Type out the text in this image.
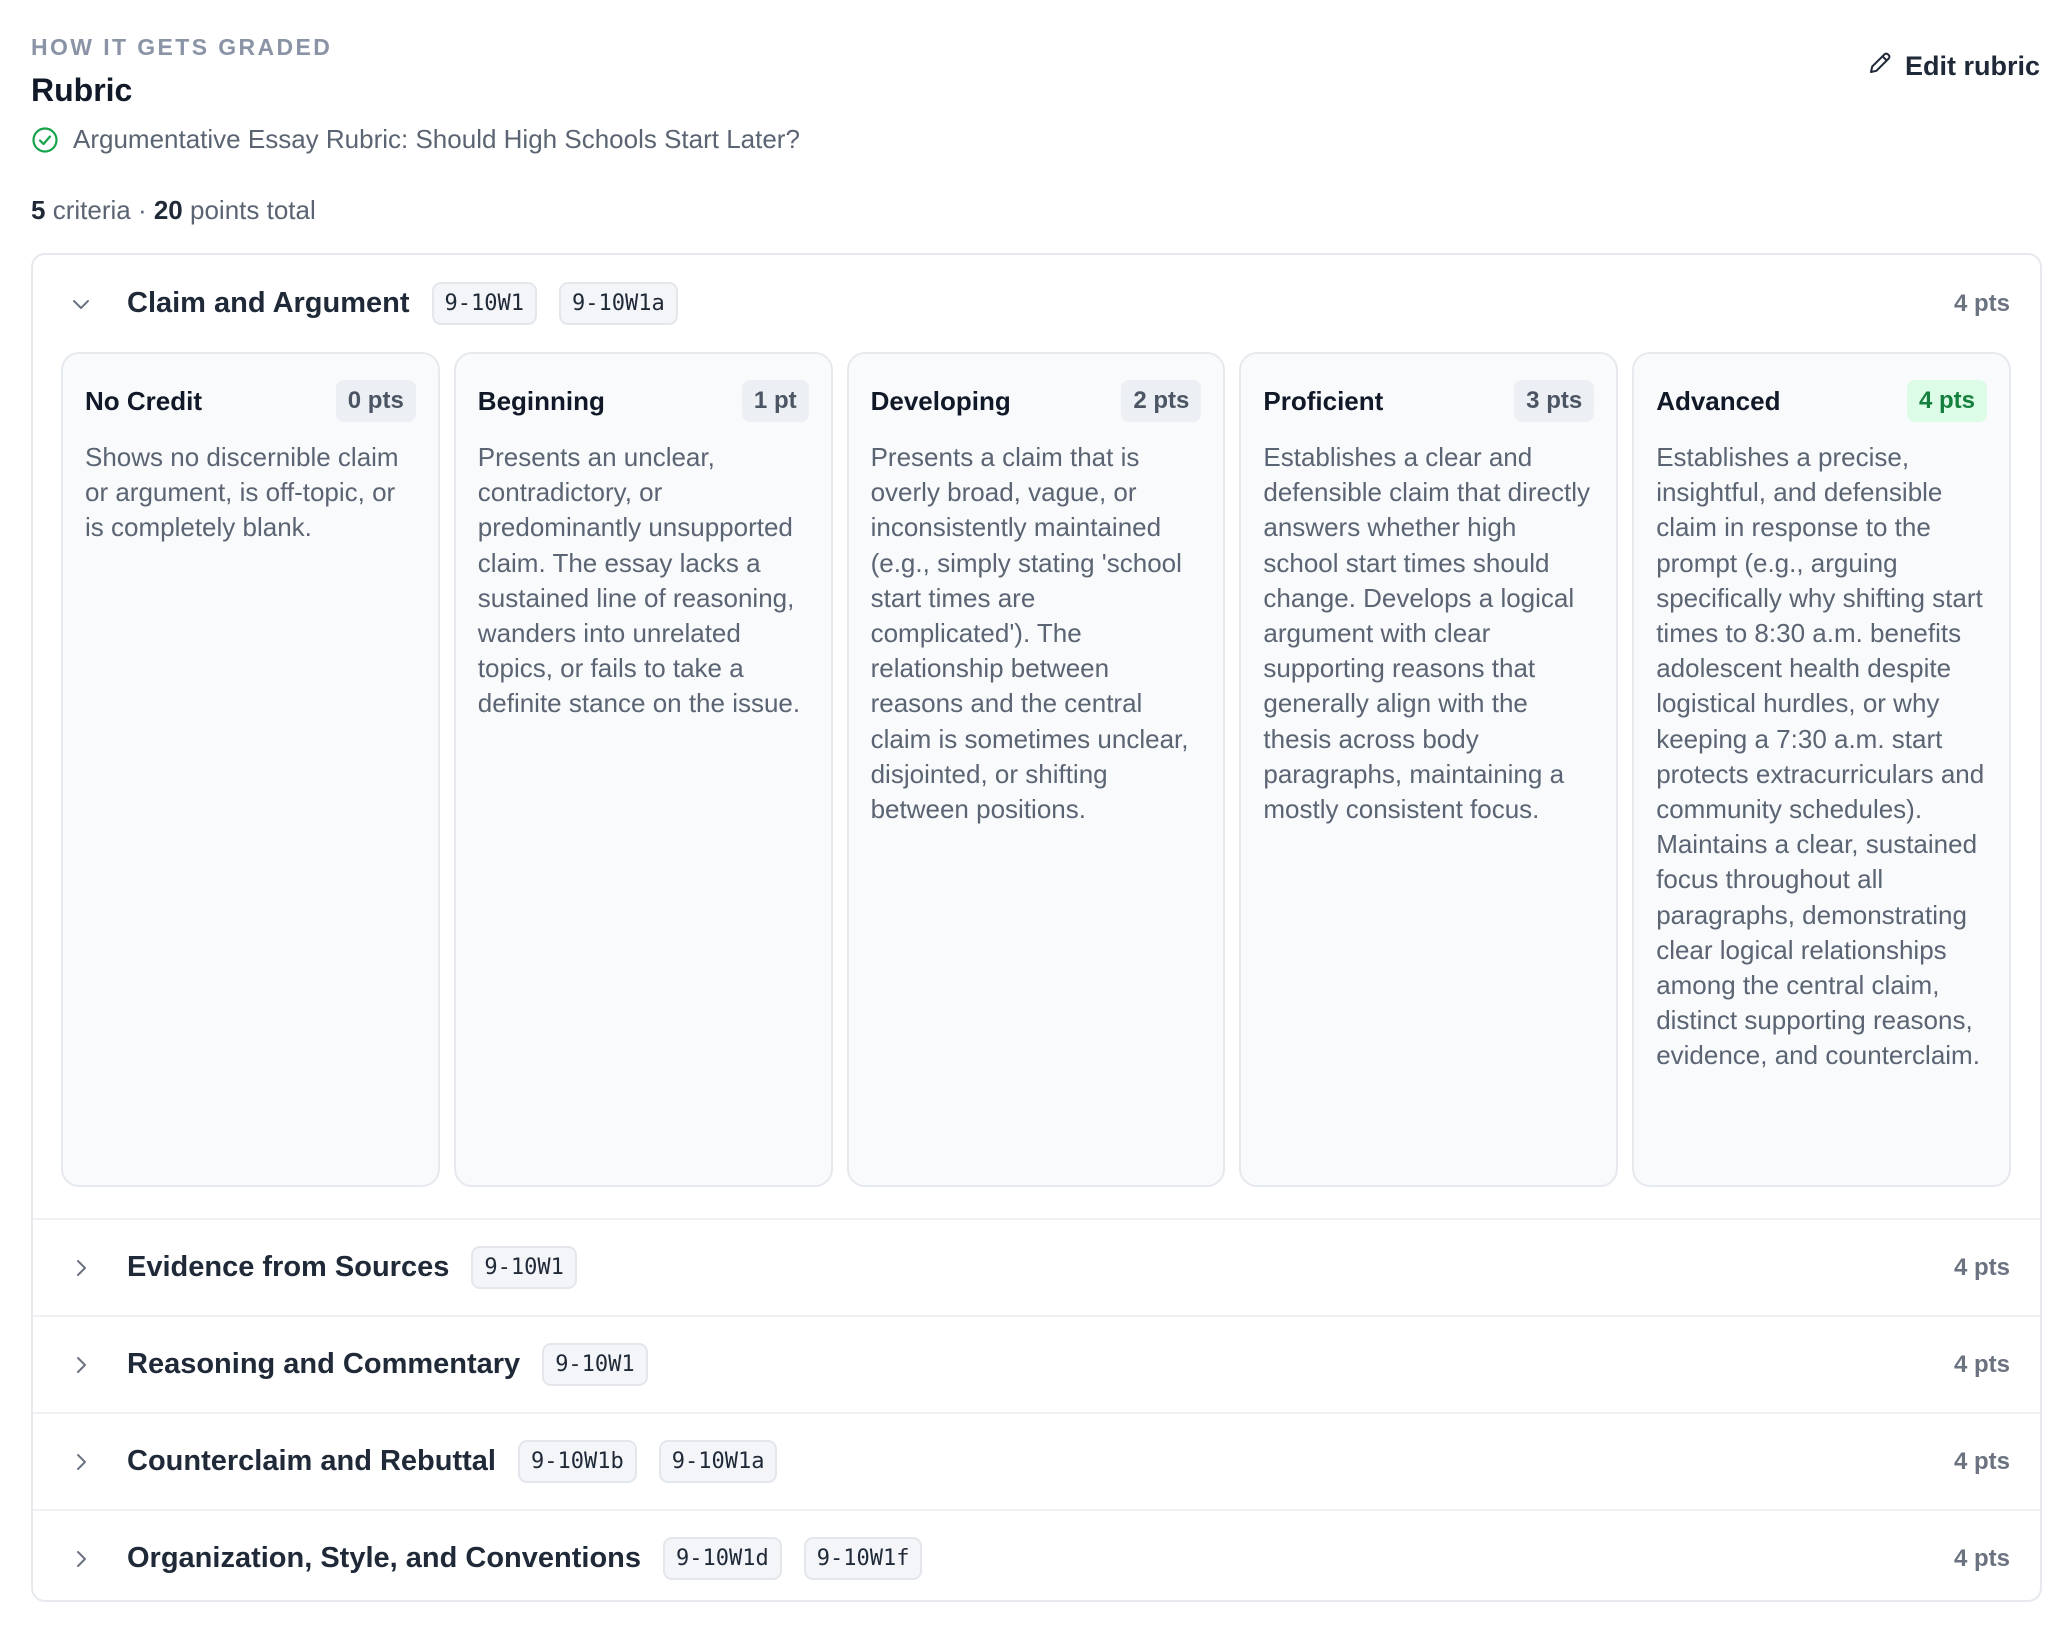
HOW IT GETS GRADED
Rubric
Argumentative Essay Rubric: Should High Schools Start Later?
5 criteria · 20 points total
Edit rubric
Claim and Argument	9-10W1	9-10W1a	4 pts
No Credit	0 pts
Shows no discernible claim or argument, is off-topic, or is completely blank.
Beginning	1 pt
Presents an unclear, contradictory, or predominantly unsupported claim. The essay lacks a sustained line of reasoning, wanders into unrelated topics, or fails to take a definite stance on the issue.
Developing	2 pts
Presents a claim that is overly broad, vague, or inconsistently maintained (e.g., simply stating 'school start times are complicated'). The relationship between reasons and the central claim is sometimes unclear, disjointed, or shifting between positions.
Proficient	3 pts
Establishes a clear and defensible claim that directly answers whether high school start times should change. Develops a logical argument with clear supporting reasons that generally align with the thesis across body paragraphs, maintaining a mostly consistent focus.
Advanced	4 pts
Establishes a precise, insightful, and defensible claim in response to the prompt (e.g., arguing specifically why shifting start times to 8:30 a.m. benefits adolescent health despite logistical hurdles, or why keeping a 7:30 a.m. start protects extracurriculars and community schedules). Maintains a clear, sustained focus throughout all paragraphs, demonstrating clear logical relationships among the central claim, distinct supporting reasons, evidence, and counterclaim.
Evidence from Sources	9-10W1	4 pts
Reasoning and Commentary	9-10W1	4 pts
Counterclaim and Rebuttal	9-10W1b	9-10W1a	4 pts
Organization, Style, and Conventions	9-10W1d	9-10W1f	4 pts
